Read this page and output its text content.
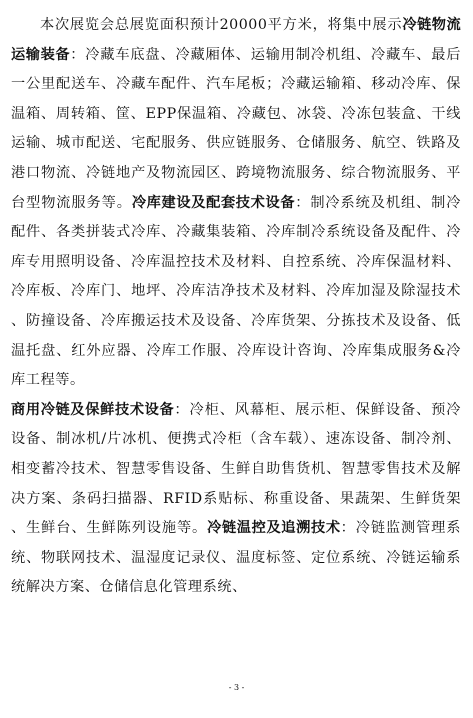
本次展览会总展览面积预计20000平方米，将集中展示冷链物流运输装备：冷藏车底盘、冷藏厢体、运输用制冷机组、冷藏车、最后一公里配送车、冷藏车配件、汽车尾板；冷藏运输箱、移动冷库、保温箱、周转箱、筐、EPP保温箱、冷藏包、冰袋、冷冻包装盒、干线运输、城市配送、宅配服务、供应链服务、仓储服务、航空、铁路及港口物流、冷链地产及物流园区、跨境物流服务、综合物流服务、平台型物流服务等。冷库建设及配套技术设备：制冷系统及机组、制冷配件、各类拼装式冷库、冷藏集装箱、冷库制冷系统设备及配件、冷库专用照明设备、冷库温控技术及材料、自控系统、冷库保温材料、冷库板、冷库门、地坪、冷库洁净技术及材料、冷库加湿及除湿技术、防撞设备、冷库搬运技术及设备、冷库货架、分拣技术及设备、低温托盘、红外应器、冷库工作服、冷库设计咨询、冷库集成服务&冷库工程等。

商用冷链及保鲜技术设备：冷柜、风幕柜、展示柜、保鲜设备、预冷设备、制冰机/片冰机、便携式冷柜（含车载）、速冻设备、制冷剂、相变蓄冷技术、智慧零售设备、生鲜自助售货机、智慧零售技术及解决方案、条码扫描器、RFID系贴标、称重设备、果蔬架、生鲜货架、生鲜台、生鲜陈列设施等。冷链温控及追溯技术：冷链监测管理系统、物联网技术、温湿度记录仪、温度标签、定位系统、冷链运输系统解决方案、仓储信息化管理系统、

- 3 -
